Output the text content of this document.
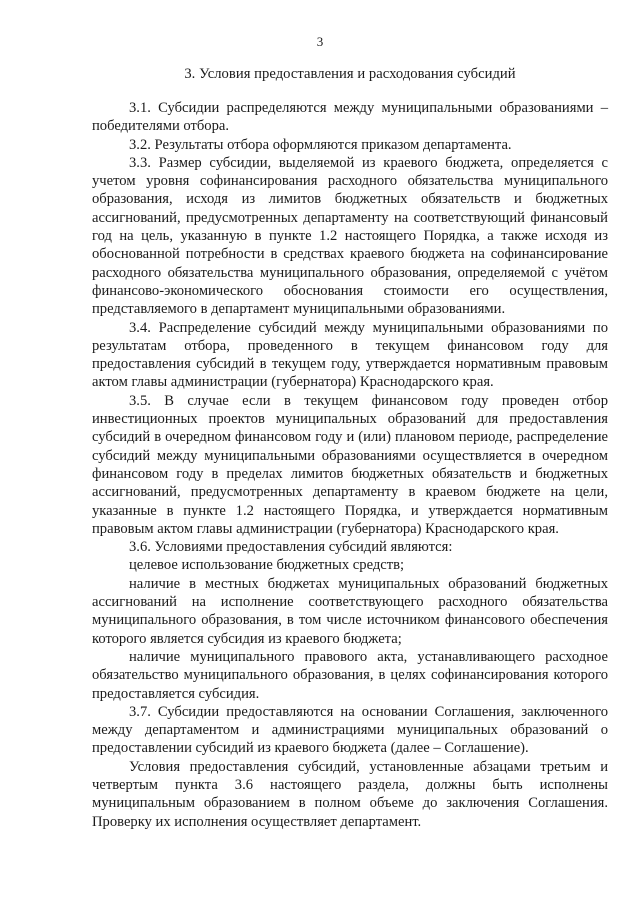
3
3. Условия предоставления и расходования субсидий

3.1. Субсидии распределяются между муниципальными образованиями – победителями отбора.

3.2. Результаты отбора оформляются приказом департамента.

3.3. Размер субсидии, выделяемой из краевого бюджета, определяется с учетом уровня софинансирования расходного обязательства муниципального образования, исходя из лимитов бюджетных обязательств и бюджетных ассигнований, предусмотренных департаменту на соответствующий финансовый год на цель, указанную в пункте 1.2 настоящего Порядка, а также исходя из обоснованной потребности в средствах краевого бюджета на софинансирование расходного обязательства муниципального образования, определяемой с учётом финансово-экономического обоснования стоимости его осуществления, представляемого в департамент муниципальными образованиями.

3.4. Распределение субсидий между муниципальными образованиями по результатам отбора, проведенного в текущем финансовом году для предоставления субсидий в текущем году, утверждается нормативным правовым актом главы администрации (губернатора) Краснодарского края.

3.5. В случае если в текущем финансовом году проведен отбор инвестиционных проектов муниципальных образований для предоставления субсидий в очередном финансовом году и (или) плановом периоде, распределение субсидий между муниципальными образованиями осуществляется в очередном финансовом году в пределах лимитов бюджетных обязательств и бюджетных ассигнований, предусмотренных департаменту в краевом бюджете на цели, указанные в пункте 1.2 настоящего Порядка, и утверждается нормативным правовым актом главы администрации (губернатора) Краснодарского края.

3.6. Условиями предоставления субсидий являются:

целевое использование бюджетных средств;

наличие в местных бюджетах муниципальных образований бюджетных ассигнований на исполнение соответствующего расходного обязательства муниципального образования, в том числе источником финансового обеспечения которого является субсидия из краевого бюджета;

наличие муниципального правового акта, устанавливающего расходное обязательство муниципального образования, в целях софинансирования которого предоставляется субсидия.

3.7. Субсидии предоставляются на основании Соглашения, заключенного между департаментом и администрациями муниципальных образований о предоставлении субсидий из краевого бюджета (далее – Соглашение).

Условия предоставления субсидий, установленные абзацами третьим и четвертым пункта 3.6 настоящего раздела, должны быть исполнены муниципальным образованием в полном объеме до заключения Соглашения. Проверку их исполнения осуществляет департамент.
